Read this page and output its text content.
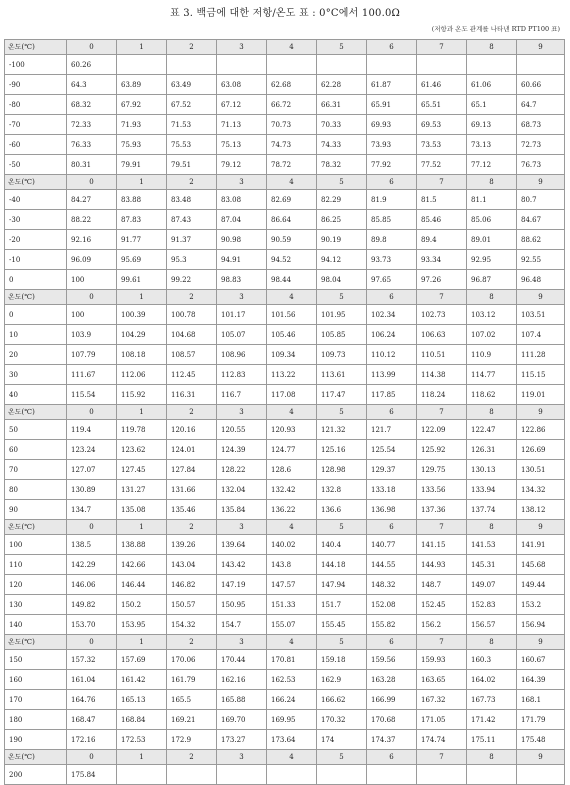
표 3. 백금에 대한 저항/온도 표 : 0°C에서 100.0Ω
(저항과 온도 관계를 나타낸 RTD PT100 표)
온도(℃)	0	1	2	3	4	5	6	7	8	9
-100	60.26									
-90	64.3	63.89	63.49	63.08	62.68	62.28	61.87	61.46	61.06	60.66
-80	68.32	67.92	67.52	67.12	66.72	66.31	65.91	65.51	65.1	64.7
-70	72.33	71.93	71.53	71.13	70.73	70.33	69.93	69.53	69.13	68.73
-60	76.33	75.93	75.53	75.13	74.73	74.33	73.93	73.53	73.13	72.73
-50	80.31	79.91	79.51	79.12	78.72	78.32	77.92	77.52	77.12	76.73
온도(℃)	0	1	2	3	4	5	6	7	8	9
-40	84.27	83.88	83.48	83.08	82.69	82.29	81.9	81.5	81.1	80.7
-30	88.22	87.83	87.43	87.04	86.64	86.25	85.85	85.46	85.06	84.67
-20	92.16	91.77	91.37	90.98	90.59	90.19	89.8	89.4	89.01	88.62
-10	96.09	95.69	95.3	94.91	94.52	94.12	93.73	93.34	92.95	92.55
0	100	99.61	99.22	98.83	98.44	98.04	97.65	97.26	96.87	96.48
온도(℃)	0	1	2	3	4	5	6	7	8	9
0	100	100.39	100.78	101.17	101.56	101.95	102.34	102.73	103.12	103.51
10	103.9	104.29	104.68	105.07	105.46	105.85	106.24	106.63	107.02	107.4
20	107.79	108.18	108.57	108.96	109.34	109.73	110.12	110.51	110.9	111.28
30	111.67	112.06	112.45	112.83	113.22	113.61	113.99	114.38	114.77	115.15
40	115.54	115.92	116.31	116.7	117.08	117.47	117.85	118.24	118.62	119.01
온도(℃)	0	1	2	3	4	5	6	7	8	9
50	119.4	119.78	120.16	120.55	120.93	121.32	121.7	122.09	122.47	122.86
60	123.24	123.62	124.01	124.39	124.77	125.16	125.54	125.92	126.31	126.69
70	127.07	127.45	127.84	128.22	128.6	128.98	129.37	129.75	130.13	130.51
80	130.89	131.27	131.66	132.04	132.42	132.8	133.18	133.56	133.94	134.32
90	134.7	135.08	135.46	135.84	136.22	136.6	136.98	137.36	137.74	138.12
온도(℃)	0	1	2	3	4	5	6	7	8	9
100	138.5	138.88	139.26	139.64	140.02	140.4	140.77	141.15	141.53	141.91
110	142.29	142.66	143.04	143.42	143.8	144.18	144.55	144.93	145.31	145.68
120	146.06	146.44	146.82	147.19	147.57	147.94	148.32	148.7	149.07	149.44
130	149.82	150.2	150.57	150.95	151.33	151.7	152.08	152.45	152.83	153.2
140	153.70	153.95	154.32	154.7	155.07	155.45	155.82	156.2	156.57	156.94
온도(℃)	0	1	2	3	4	5	6	7	8	9
150	157.32	157.69	170.06	170.44	170.81	159.18	159.56	159.93	160.3	160.67
160	161.04	161.42	161.79	162.16	162.53	162.9	163.28	163.65	164.02	164.39
170	164.76	165.13	165.5	165.88	166.24	166.62	166.99	167.32	167.73	168.1
180	168.47	168.84	169.21	169.70	169.95	170.32	170.68	171.05	171.42	171.79
190	172.16	172.53	172.9	173.27	173.64	174	174.37	174.74	175.11	175.48
온도(℃)	0	1	2	3	4	5	6	7	8	9
200	175.84									
